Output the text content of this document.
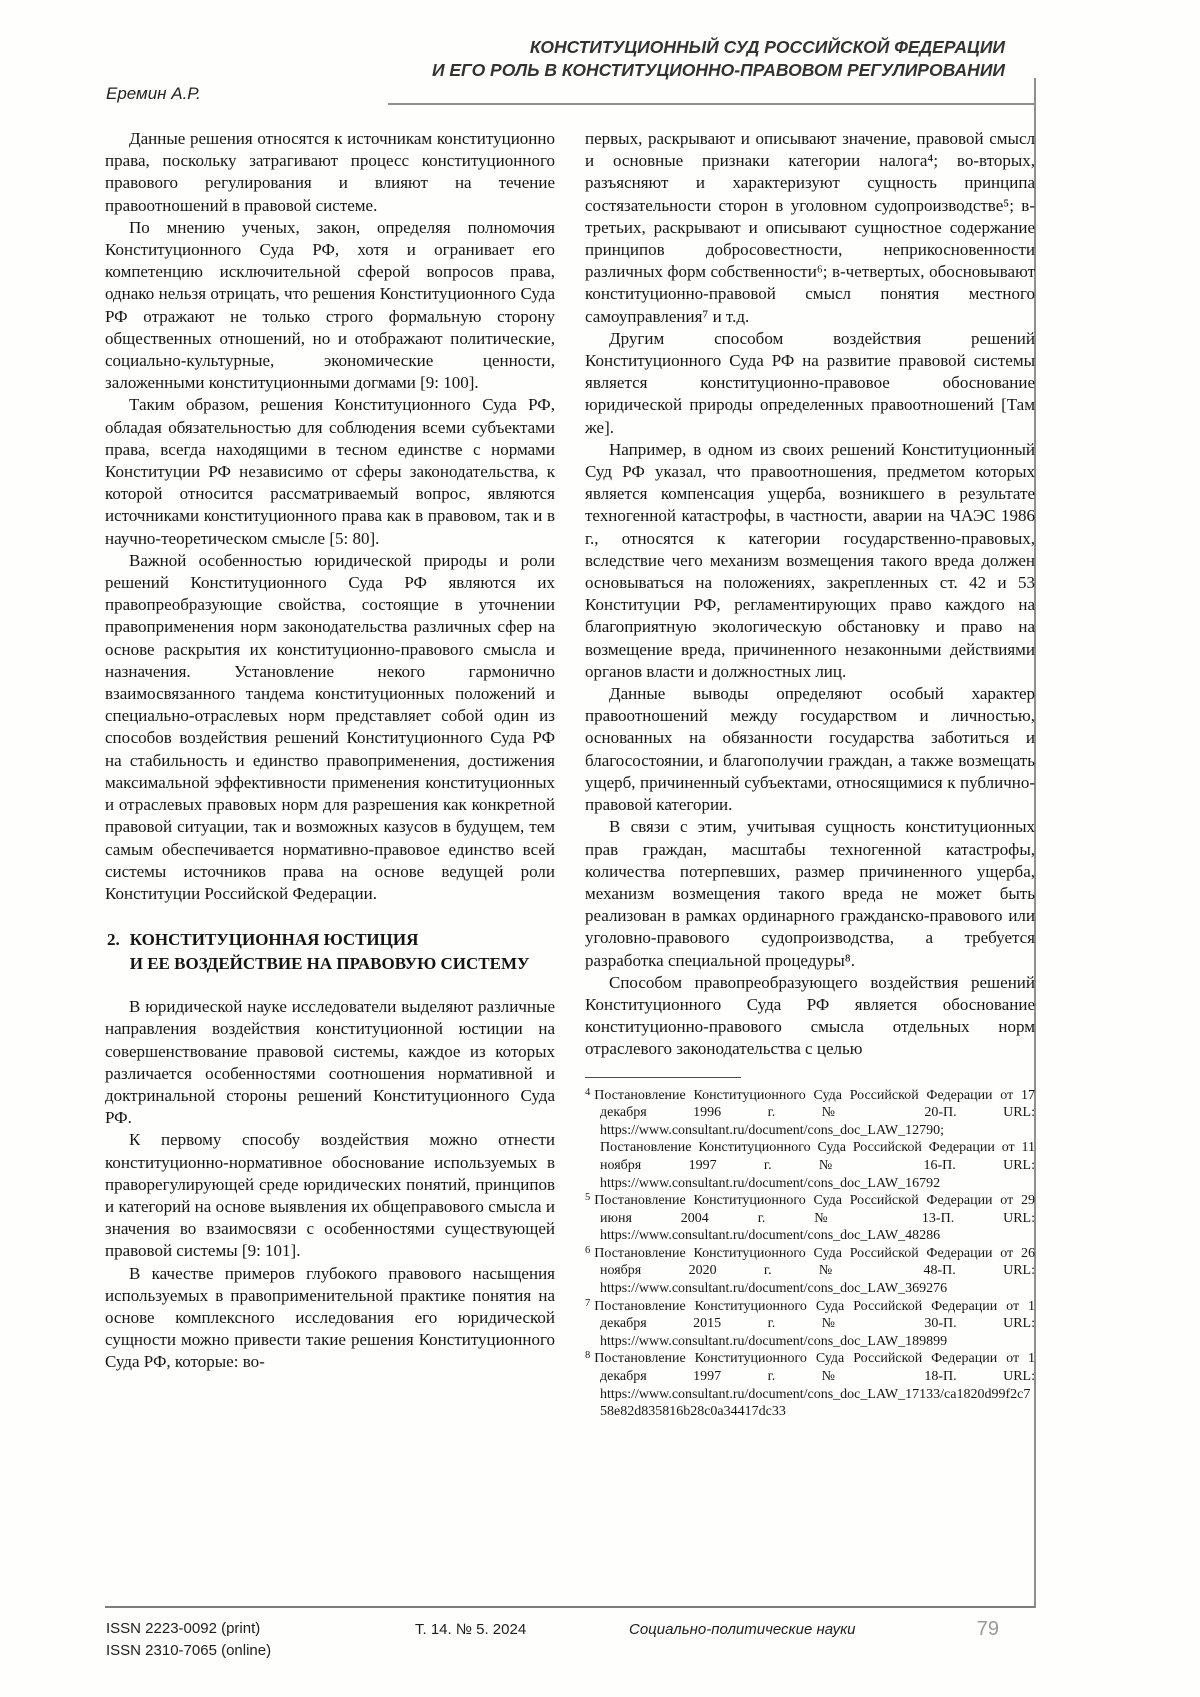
КОНСТИТУЦИОННЫЙ СУД РОССИЙСКОЙ ФЕДЕРАЦИИ
И ЕГО РОЛЬ В КОНСТИТУЦИОННО-ПРАВОВОМ РЕГУЛИРОВАНИИ
Еремин А.Р.

Данные решения относятся к источникам конституционно права, поскольку затрагивают процесс конституционного правового регулирования и влияют на течение правоотношений в правовой системе.

По мнению ученых, закон, определяя полномочия Конституционного Суда РФ, хотя и огранивает его компетенцию исключительной сферой вопросов права, однако нельзя отрицать, что решения Конституционного Суда РФ отражают не только строго формальную сторону общественных отношений, но и отображают политические, социально-культурные, экономические ценности, заложенными конституционными догмами [9: 100].

Таким образом, решения Конституционного Суда РФ, обладая обязательностью для соблюдения всеми субъектами права, всегда находящими в тесном единстве с нормами Конституции РФ независимо от сферы законодательства, к которой относится рассматриваемый вопрос, являются источниками конституционного права как в правовом, так и в научно-теоретическом смысле [5: 80].

Важной особенностью юридической природы и роли решений Конституционного Суда РФ являются их правопреобразующие свойства, состоящие в уточнении правоприменения норм законодательства различных сфер на основе раскрытия их конституционно-правового смысла и назначения. Установление некого гармонично взаимосвязанного тандема конституционных положений и специально-отраслевых норм представляет собой один из способов воздействия решений Конституционного Суда РФ на стабильность и единство правоприменения, достижения максимальной эффективности применения конституционных и отраслевых правовых норм для разрешения как конкретной правовой ситуации, так и возможных казусов в будущем, тем самым обеспечивается нормативно-правовое единство всей системы источников права на основе ведущей роли Конституции Российской Федерации.

2. КОНСТИТУЦИОННАЯ ЮСТИЦИЯ
И ЕЕ ВОЗДЕЙСТВИЕ НА ПРАВОВУЮ СИСТЕМУ

В юридической науке исследователи выделяют различные направления воздействия конституционной юстиции на совершенствование правовой системы, каждое из которых различается особенностями соотношения нормативной и доктринальной стороны решений Конституционного Суда РФ.

К первому способу воздействия можно отнести конституционно-нормативное обоснование используемых в праворегулирующей среде юридических понятий, принципов и категорий на основе выявления их общеправового смысла и значения во взаимосвязи с особенностями существующей правовой системы [9: 101].

В качестве примеров глубокого правового насыщения используемых в правоприменительной практике понятия на основе комплексного исследования его юридической сущности можно привести такие решения Конституционного Суда РФ, которые: во-

первых, раскрывают и описывают значение, правовой смысл и основные признаки категории налога⁴; во-вторых, разъясняют и характеризуют сущность принципа состязательности сторон в уголовном судопроизводстве⁵; в-третьих, раскрывают и описывают сущностное содержание принципов добросовестности, неприкосновенности различных форм собственности⁶; в-четвертых, обосновывают конституционно-правовой смысл понятия местного самоуправления⁷ и т.д.

Другим способом воздействия решений Конституционного Суда РФ на развитие правовой системы является конституционно-правовое обоснование юридической природы определенных правоотношений [Там же].

Например, в одном из своих решений Конституционный Суд РФ указал, что правоотношения, предметом которых является компенсация ущерба, возникшего в результате техногенной катастрофы, в частности, аварии на ЧАЭС 1986 г., относятся к категории государственно-правовых, вследствие чего механизм возмещения такого вреда должен основываться на положениях, закрепленных ст. 42 и 53 Конституции РФ, регламентирующих право каждого на благоприятную экологическую обстановку и право на возмещение вреда, причиненного незаконными действиями органов власти и должностных лиц.

Данные выводы определяют особый характер правоотношений между государством и личностью, основанных на обязанности государства заботиться и благосостоянии, и благополучии граждан, а также возмещать ущерб, причиненный субъектами, относящимися к публично-правовой категории.

В связи с этим, учитывая сущность конституционных прав граждан, масштабы техногенной катастрофы, количества потерпевших, размер причиненного ущерба, механизм возмещения такого вреда не может быть реализован в рамках ординарного гражданско-правового или уголовно-правового судопроизводства, а требуется разработка специальной процедуры⁸.

Способом правопреобразующего воздействия решений Конституционного Суда РФ является обоснование конституционно-правового смысла отдельных норм отраслевого законодательства с целью

$^4$ Постановление Конституционного Суда Российской Федерации от 17 декабря 1996 г. № 20-П. URL: https://www.consultant.ru/document/cons_doc_LAW_12790; Постановление Конституционного Суда Российской Федерации от 11 ноября 1997 г. № 16-П. URL: https://www.consultant.ru/document/cons_doc_LAW_16792
$^5$ Постановление Конституционного Суда Российской Федерации от 29 июня 2004 г. № 13-П. URL: https://www.consultant.ru/document/cons_doc_LAW_48286
$^6$ Постановление Конституционного Суда Российской Федерации от 26 ноября 2020 г. № 48-П. URL: https://www.consultant.ru/document/cons_doc_LAW_369276
$^7$ Постановление Конституционного Суда Российской Федерации от 1 декабря 2015 г. № 30-П. URL: https://www.consultant.ru/document/cons_doc_LAW_189899
$^8$ Постановление Конституционного Суда Российской Федерации от 1 декабря 1997 г. № 18-П. URL: https://www.consultant.ru/document/cons_doc_LAW_17133/ca1820d99f2c758e82d835816b28c0a34417dc33
ISSN 2223-0092 (print)
ISSN 2310-7065 (online)
Т. 14. № 5. 2024	Социально-политические науки	79
